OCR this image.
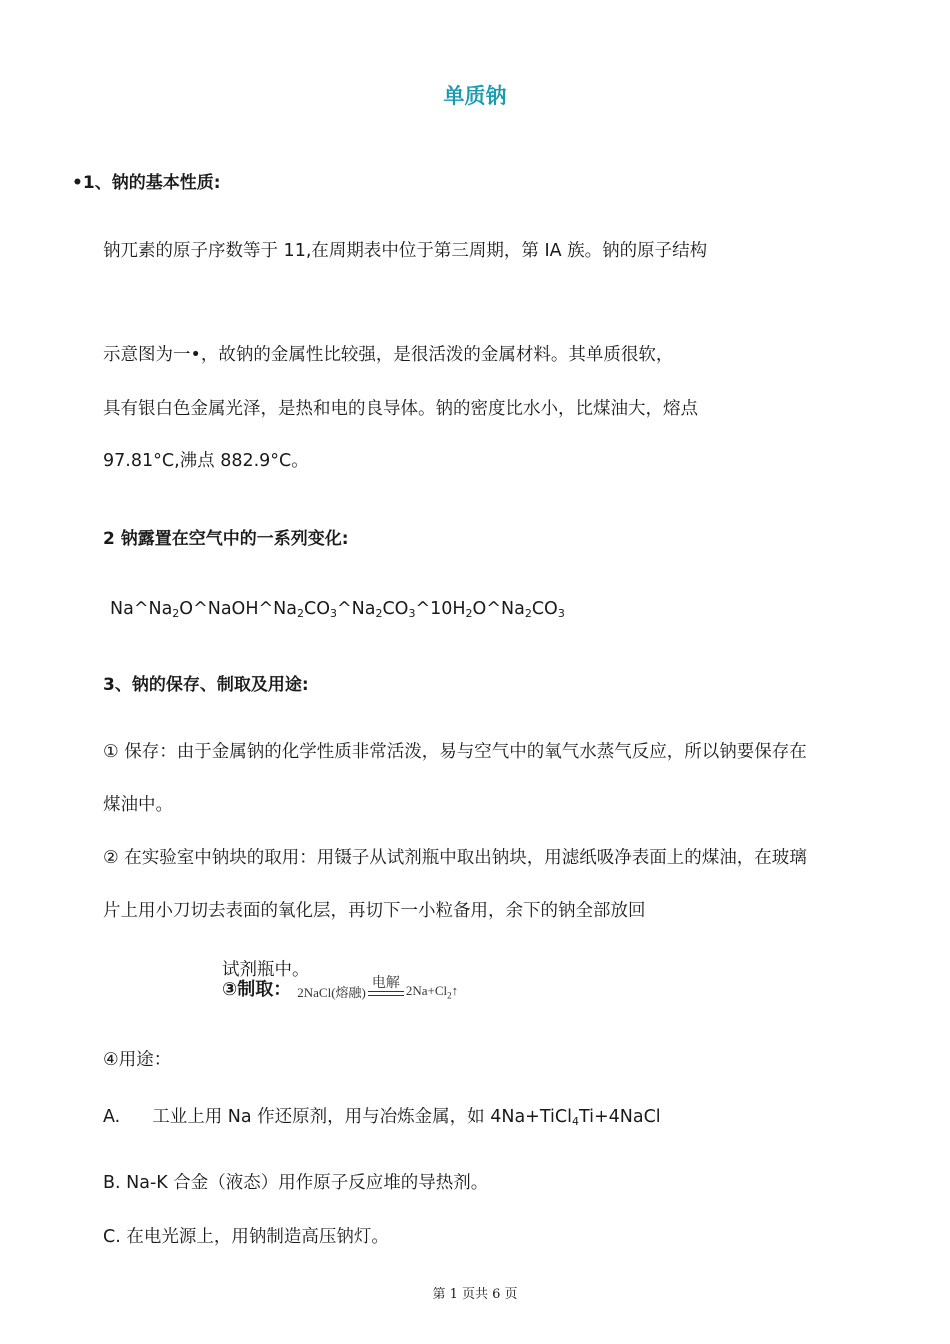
单质钠
•1、钠的基本性质:
钠兀素的原子序数等于 11,在周期表中位于第三周期，第 IA 族。钠的原子结构
示意图为一•，故钠的金属性比较强，是很活泼的金属材料。其单质很软，
具有银白色金属光泽，是热和电的良导体。钠的密度比水小，比煤油大，熔点
97.81°C,沸点 882.9°C。
2 钠露置在空气中的一系列变化:
$Na\^{}Na_2O\^{}NaOH\^{}Na_2CO_3\^{}Na_2CO_3\^{}10H_2O\^{}Na_2CO_3$
3、钠的保存、制取及用途:
① 保存：由于金属钠的化学性质非常活泼，易与空气中的氧气水蒸气反应，所以钠要保存在
煤油中。
② 在实验室中钠块的取用：用镊子从试剂瓶中取出钠块，用滤纸吸净表面上的煤油，在玻璃
片上用小刀切去表面的氧化层，再切下一小粒备用，余下的钠全部放回
试剂瓶中。
③制取： 2NaCl(熔融)
电解 $2Na+Cl_2↑$
④用途：
A. 工业上用 Na 作还原剂，用与冶炼金属，如 4Na+TiCl$_4$Ti+4NaCl
B. Na-K 合金（液态）用作原子反应堆的导热剂。
C. 在电光源上，用钠制造高压钠灯。
第 1 页共 6 页
